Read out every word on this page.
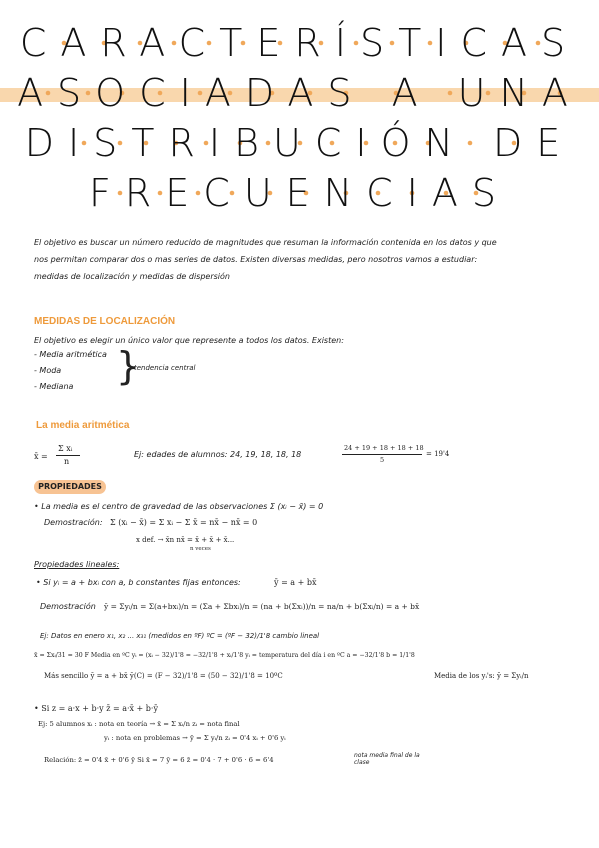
CARACTERÍSTICAS
ASOCIADAS A UNA
DISTRIBUCIÓN DE
FRECUENCIAS
El objetivo es buscar un número reducido de magnitudes que resuman la información contenida en los datos y que
nos permitan comparar dos o mas series de datos. Existen diversas medidas, pero nosotros vamos a estudiar:
medidas de localización y medidas de dispersión
MEDIDAS DE LOCALIZACIÓN
El objetivo es elegir un único valor que represente a todos los datos. Existen:
- Media aritmética
- Moda
- Mediana }
tendencia central
La media aritmética
x̄ =
Σ xᵢ
n
Ej: edades de alumnos: 24, 19, 18, 18, 18
24 + 19 + 18 + 18 + 18
5
= 19'4
PROPIEDADES
• La media es el centro de gravedad de las observaciones Σ (xᵢ − x̄) = 0
Demostración: Σ (xᵢ − x̄) = Σ xᵢ − Σ x̄ = nx̄ − nx̄ = 0
x def. → x̄n nx̄ = x̄ + x̄ + x̄...
n veces
Propiedades lineales:
• Si yᵢ = a + bxᵢ con a, b constantes fijas entonces:	ȳ = a + bx̄
Demostración ȳ = Σyᵢ/n = Σ(a+bxᵢ)/n = (Σa + Σbxᵢ)/n = (na + b(Σxᵢ))/n = na/n + b(Σxᵢ/n) = a + bx̄
Ej: Datos en enero x₁, x₂ ... x₃₁ (medidos en ºF) ºC = (ºF − 32)/1'8 cambio lineal
x̄ = Σxᵢ/31 = 30 F Media en ºC yᵢ = (xᵢ − 32)/1'8 = −32/1'8 + xᵢ/1'8 yᵢ = temperatura del día i en ºC a = −32/1'8 b = 1/1'8
Más sencillo ȳ = a + bx̄ ȳ(C) = (F − 32)/1'8 = (50 − 32)/1'8 = 10ºC	Media de los yᵢ's: ȳ = Σyᵢ/n
• Si z = a·x + b·y z̄ = a·x̄ + b·ȳ
Ej: 5 alumnos xᵢ : nota en teoría → x̄ = Σ xᵢ/n zᵢ = nota final
yᵢ : nota en problemas → ȳ = Σ yᵢ/n zᵢ = 0'4 xᵢ + 0'6 yᵢ
Relación: z̄ = 0'4 x̄ + 0'6 ȳ Si x̄ = 7 ȳ = 6 z̄ = 0'4 · 7 + 0'6 · 6 = 6'4
nota media final de la clase
